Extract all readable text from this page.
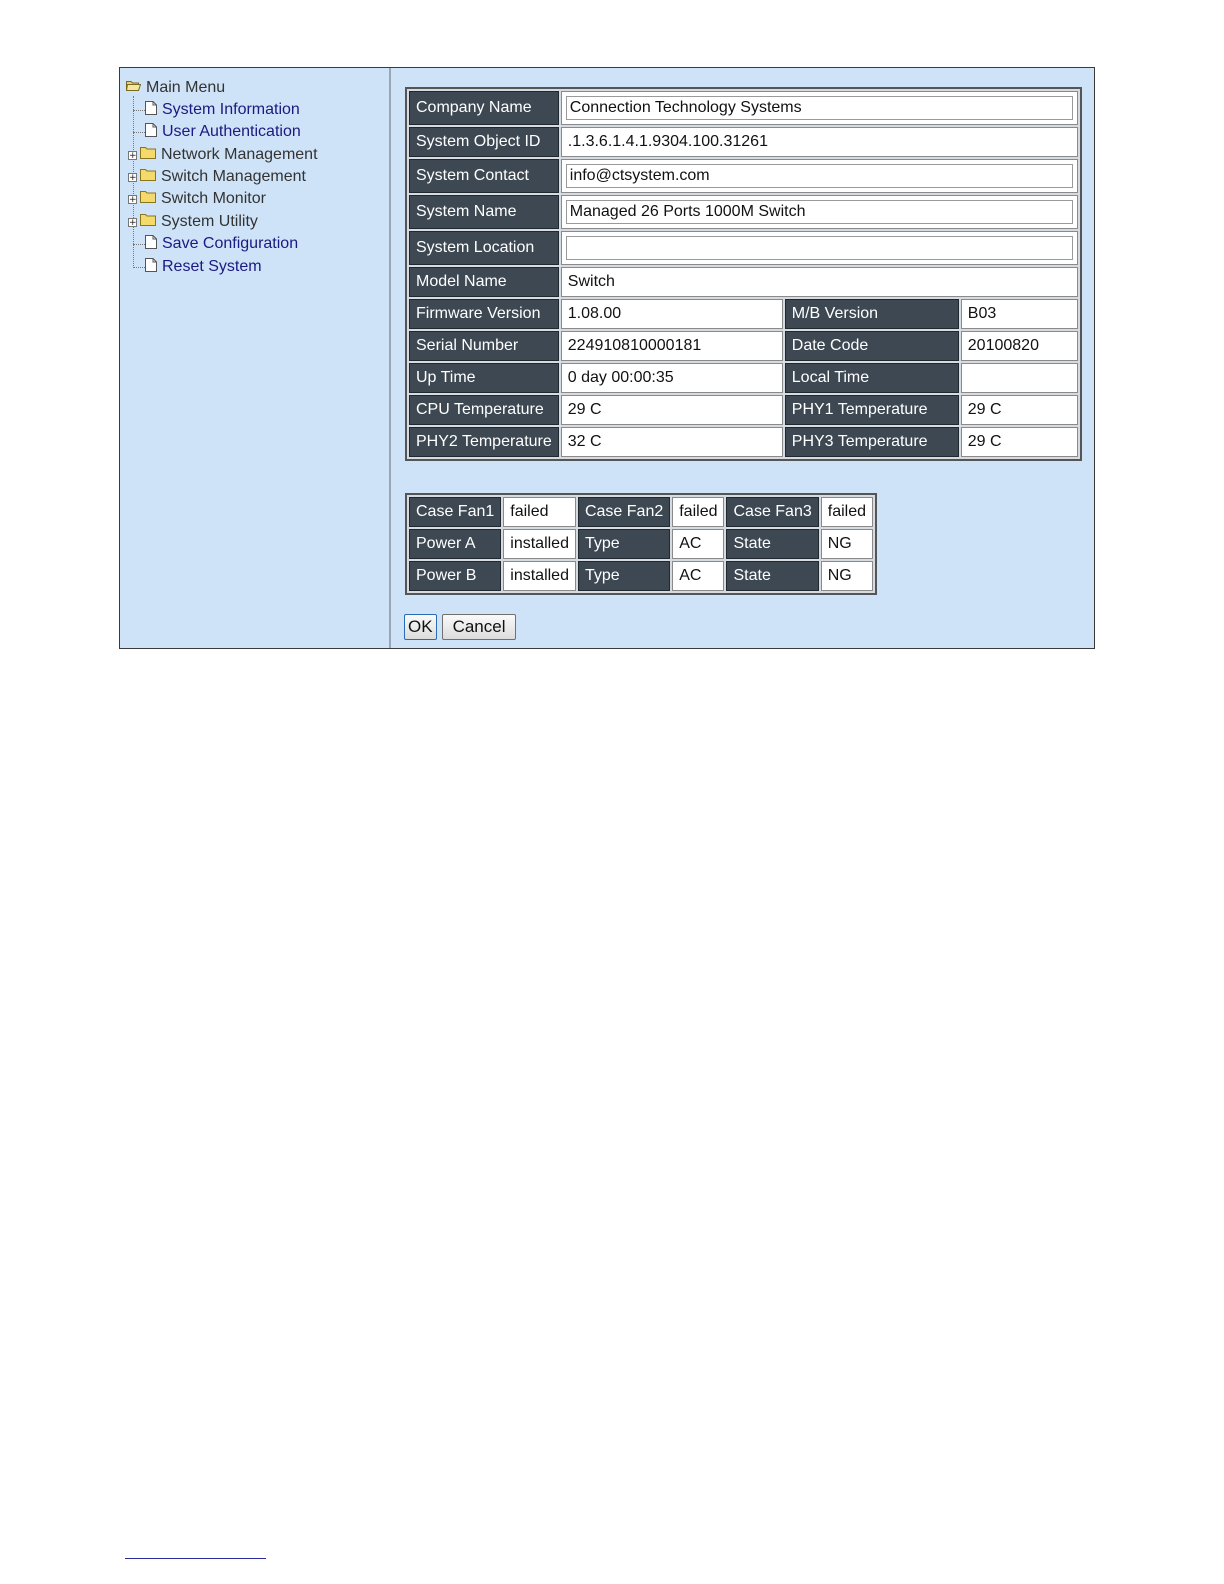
Main Menu
System Information
User Authentication
+ Network Management
+ Switch Management
+ Switch Monitor
+ System Utility
Save Configuration
Reset System
Company Name	Connection Technology Systems
System Object ID	.1.3.6.1.4.1.9304.100.31261		
System Contact	info@ctsystem.com
System Name	Managed 26 Ports 1000M Switch
System Location	
Model Name	Switch		
Firmware Version	1.08.00	M/B Version	B03
Serial Number	224910810000181	Date Code	20100820
Up Time	0 day 00:00:35	Local Time	
CPU Temperature	29 C	PHY1 Temperature	29 C
PHY2 Temperature	32 C	PHY3 Temperature	29 C
Case Fan1	failed	Case Fan2	failed	Case Fan3	failed
Power A	installed	Type	AC	State	NG
Power B	installed	Type	AC	State	NG
OK	Cancel
